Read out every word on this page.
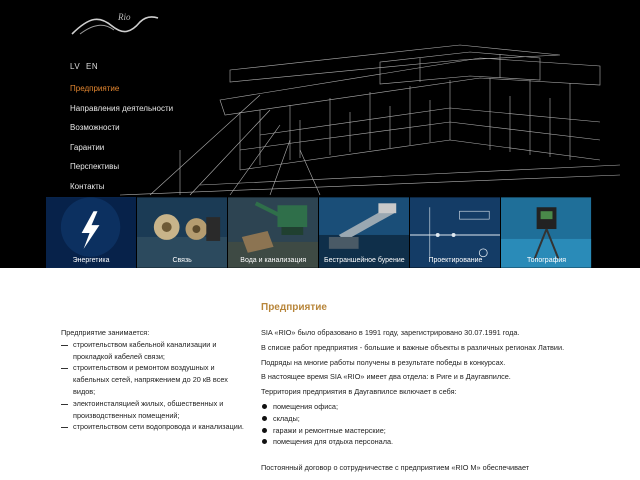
Rio
LV EN
Предприятие
Направления деятельности
Возможности
Гарантии
Перспективы
Контакты
Энергетика	Связь	Вода и канализация	Бестраншейное бурение	Проектирование	Топография
Предприятие

Предприятие занимается:

строительством кабельной канализации и прокладкой кабелей связи;
строительством и ремонтом воздушных и кабельных сетей, напряжением до 20 кВ всех видов;
электоинсталяцией жилых, обшественных и производственных помещений;
строительством сети водопровода и канализации.

SIA «RIO» было образовано в 1991 году, зарегистрировано 30.07.1991 года.

В списке работ предприятия - большие и важные объекты в различных регионах Латвии.

Подряды на многие работы получены в результате победы в конкурсах.

В настоящее время SIA «RIO» имеет два отдела: в Риге и в Даугавпилсе.

Территория предприятия в Даугавпилсе включает в себя:

помещения офиса;
склады;
гаражи и ремонтные мастерские;
помещения для отдыха персонала.

Постоянный договор о сотрудничестве с предприятием «RIO M» обеспечивает
